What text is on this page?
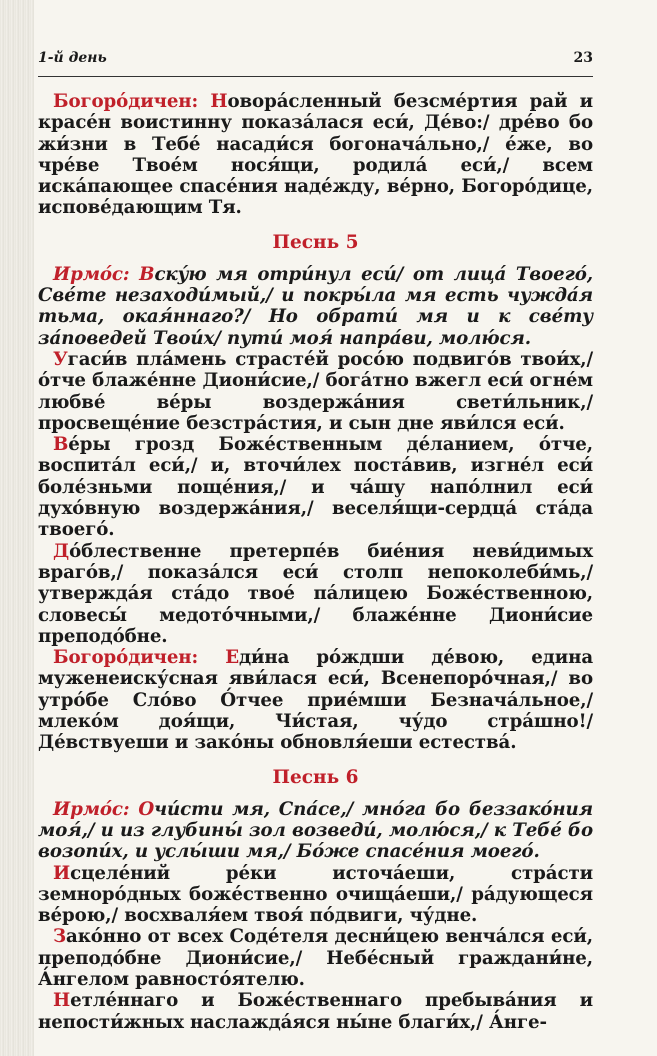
1-й день	23

Богоро́дичен: Новора́сленный безсме́ртия рай и красе́н воистинну показа́лася еси́, Де́во:/ дре́во бо жи́зни в Тебе́ насади́ся богонача́льно,/ е́же, во чре́ве Твое́м нося́щи, родила́ еси́,/ всем иска́пающее спасе́ния наде́жду, ве́рно, Богоро́дице, испове́дающим Тя.

Песнь 5

Ирмо́с: Вску́ю мя отри́нул еси́/ от лица́ Твоего́, Све́те незаходи́мый,/ и покры́ла мя есть чужда́я тьма, окая́ннаго?/ Но обрати́ мя и к све́ту за́поведей Твои́х/ пути́ моя́ напра́ви, молю́ся.

Угаси́в пла́мень страсте́й росо́ю подвиго́в твои́х,/ о́тче блаже́нне Диони́сие,/ бога́тно вжегл еси́ огне́м любве́ ве́ры воздержа́ния свети́льник,/ просвеще́ние безстра́стия, и сын дне яви́лся еси́.

Ве́ры грозд Боже́ственным де́ланием, о́тче, воспита́л еси́,/ и, вточи́лех поста́вив, изгне́л еси́ боле́зньми поще́ния,/ и ча́шу напо́лнил еси́ духо́вную воздержа́ния,/ веселя́щи-сердца́ ста́да твоего́.

До́блественне претерпе́в бие́ния неви́димых враго́в,/ показа́лся еси́ столп непоколеби́мь,/ утвержда́я ста́до твое́ па́лицею Боже́ственною, словесы́ медото́чными,/ блаже́нне Диони́сие преподо́бне.

Богоро́дичен: Еди́на ро́ждши де́вою, едина муженеиску́сная яви́лася еси́, Всенепоро́чная,/ во утро́бе Сло́во О́тчее прие́мши Безнача́льное,/ млеко́м доя́щи, Чи́стая, чу́до стра́шно!/ Де́вствуеши и зако́ны обновля́еши естества́.

Песнь 6

Ирмо́с: Очи́сти мя, Спа́се,/ мно́га бо беззако́ния моя́,/ и из глубины́ зол возведи́, молю́ся,/ к Тебе́ бо возопи́х, и услы́ши мя,/ Бо́же спасе́ния моего́.

Исцеле́ний ре́ки источа́еши, стра́сти земноро́дных боже́ственно очища́еши,/ ра́дующеся ве́рою,/ восхваля́ем твоя́ по́двиги, чу́дне.

Зако́нно от всех Соде́теля десни́цею венча́лся еси́, преподо́бне Диони́сие,/ Небе́сный граждани́не, А́нгелом равносто́ятелю.

Нетле́ннаго и Боже́ственнаго пребыва́ния и непости́жных наслажда́яся ны́не благи́х,/ А́нге-
